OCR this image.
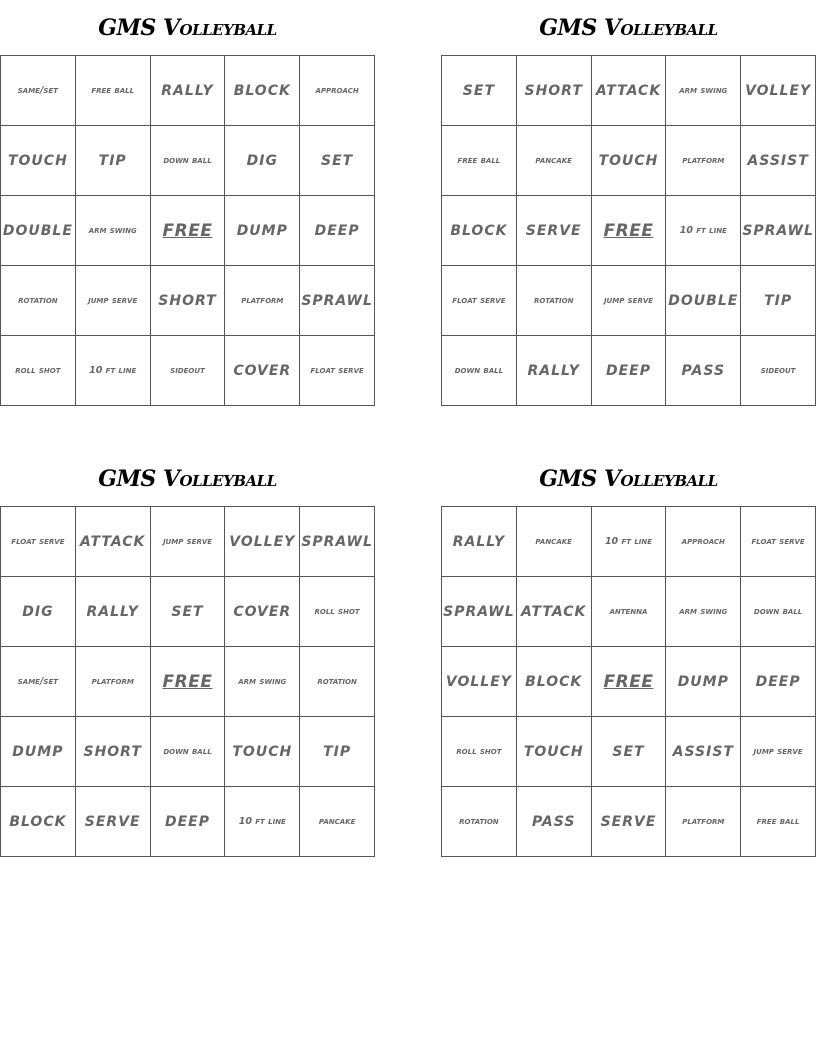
GMS Volleyball
same/set	free ball	RALLY	BLOCK	approach
TOUCH	TIP	down ball	DIG	SET
DOUBLE	arm swing	FREE	DUMP	DEEP
rotation	jump serve	SHORT	platform	SPRAWL
roll shot	10 ft line	sideout	COVER	float serve
GMS Volleyball
SET	SHORT	ATTACK	arm swing	VOLLEY
free ball	pancake	TOUCH	platform	ASSIST
BLOCK	SERVE	FREE	10 ft line	SPRAWL
float serve	rotation	jump serve	DOUBLE	TIP
down ball	RALLY	DEEP	PASS	sideout
GMS Volleyball
float serve	ATTACK	jump serve	VOLLEY	SPRAWL
DIG	RALLY	SET	COVER	roll shot
same/set	platform	FREE	arm swing	rotation
DUMP	SHORT	down ball	TOUCH	TIP
BLOCK	SERVE	DEEP	10 ft line	pancake
GMS Volleyball
RALLY	pancake	10 ft line	approach	float serve
SPRAWL	ATTACK	antenna	arm swing	down ball
VOLLEY	BLOCK	FREE	DUMP	DEEP
roll shot	TOUCH	SET	ASSIST	jump serve
rotation	PASS	SERVE	platform	free ball
